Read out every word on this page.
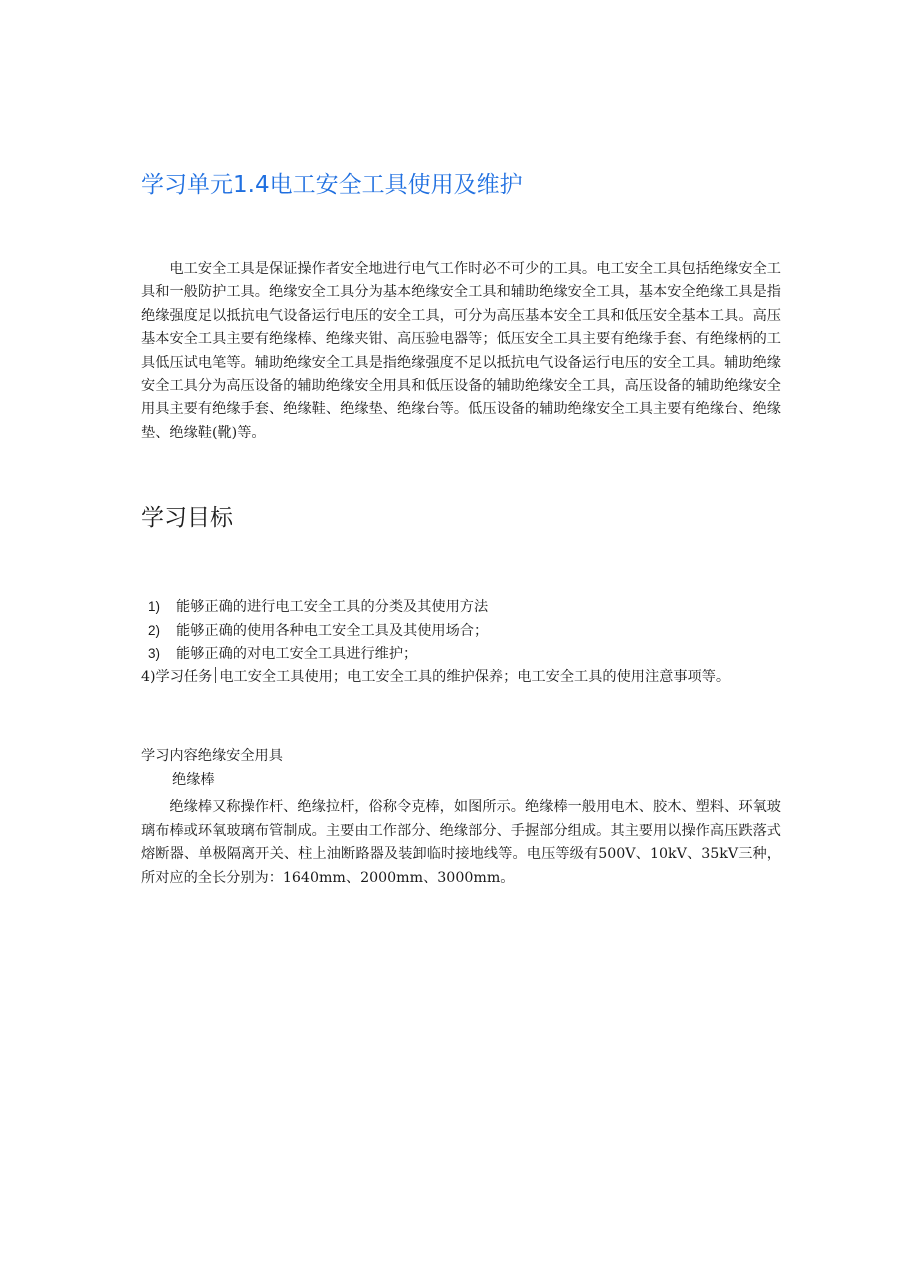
学习单元1.4电工安全工具使用及维护

电工安全工具是保证操作者安全地进行电气工作时必不可少的工具。电工安全工具包括绝缘安全工具和一般防护工具。绝缘安全工具分为基本绝缘安全工具和辅助绝缘安全工具，基本安全绝缘工具是指绝缘强度足以抵抗电气设备运行电压的安全工具，可分为高压基本安全工具和低压安全基本工具。高压基本安全工具主要有绝缘棒、绝缘夹钳、高压验电器等；低压安全工具主要有绝缘手套、有绝缘柄的工具低压试电笔等。辅助绝缘安全工具是指绝缘强度不足以抵抗电气设备运行电压的安全工具。辅助绝缘安全工具分为高压设备的辅助绝缘安全用具和低压设备的辅助绝缘安全工具，高压设备的辅助绝缘安全用具主要有绝缘手套、绝缘鞋、绝缘垫、绝缘台等。低压设备的辅助绝缘安全工具主要有绝缘台、绝缘垫、绝缘鞋(靴)等。

学习目标
1) 能够正确的进行电工安全工具的分类及其使用方法
2) 能够正确的使用各种电工安全工具及其使用场合；
3) 能够正确的对电工安全工具进行维护；

4)学习任务 电工安全工具使用；电工安全工具的维护保养；电工安全工具的使用注意事项等。

学习内容绝缘安全用具

绝缘棒

绝缘棒又称操作杆、绝缘拉杆，俗称令克棒，如图所示。绝缘棒一般用电木、胶木、塑料、环氧玻璃布棒或环氧玻璃布管制成。主要由工作部分、绝缘部分、手握部分组成。其主要用以操作高压跌落式熔断器、单极隔离开关、柱上油断路器及装卸临时接地线等。电压等级有500V、10kV、35kV三种，所对应的全长分别为：1640mm、2000mm、3000mm。
